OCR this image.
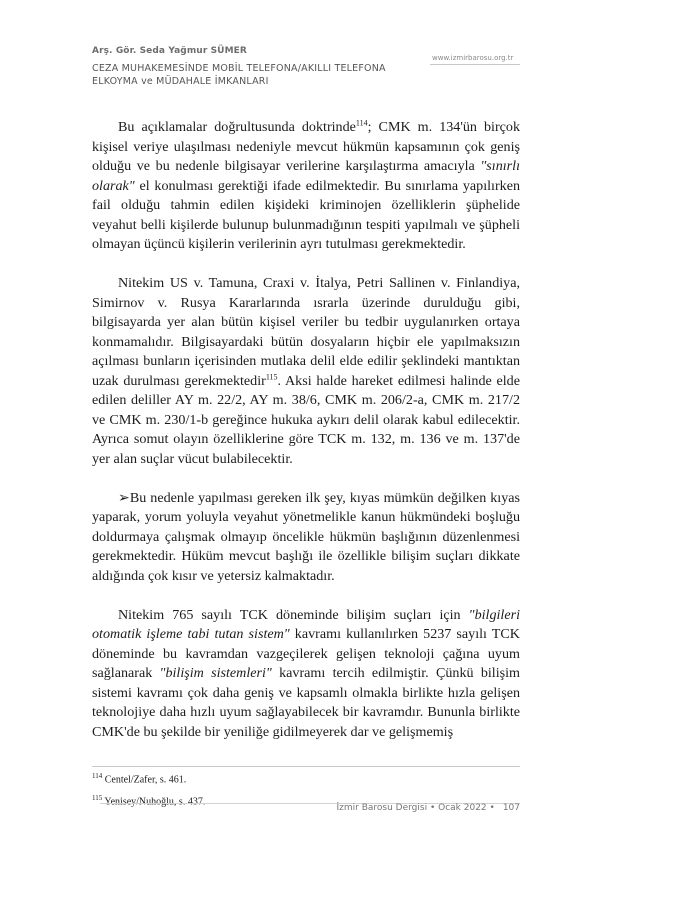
Arş. Gör. Seda Yağmur SÜMER
CEZA MUHAKEMESİNDE MOBİL TELEFONA/AKILLI TELEFONA ELKOYMA ve MÜDAHALE İMKANLARI
www.izmirbarosu.org.tr

Bu açıklamalar doğrultusunda doktrinde$^{114}$; CMK m. 134'ün birçok kişisel veriye ulaşılması nedeniyle mevcut hükmün kapsamının çok geniş olduğu ve bu nedenle bilgisayar verilerine karşılaştırma amacıyla "sınırlı olarak" el konulması gerektiği ifade edilmektedir. Bu sınırlama yapılırken fail olduğu tahmin edilen kişideki kriminojen özelliklerin şüphelide veyahut belli kişilerde bulunup bulunmadığının tespiti yapılmalı ve şüpheli olmayan üçüncü kişilerin verilerinin ayrı tutulması gerekmektedir.

Nitekim US v. Tamuna, Craxi v. İtalya, Petri Sallinen v. Finlandiya, Simirnov v. Rusya Kararlarında ısrarla üzerinde durulduğu gibi, bilgisayarda yer alan bütün kişisel veriler bu tedbir uygulanırken ortaya konmamalıdır. Bilgisayardaki bütün dosyaların hiçbir ele yapılmaksızın açılması bunların içerisinden mutlaka delil elde edilir şeklindeki mantıktan uzak durulması gerekmektedir$^{115}$. Aksi halde hareket edilmesi halinde elde edilen deliller AY m. 22/2, AY m. 38/6, CMK m. 206/2-a, CMK m. 217/2 ve CMK m. 230/1-b gereğince hukuka aykırı delil olarak kabul edilecektir. Ayrıca somut olayın özelliklerine göre TCK m. 132, m. 136 ve m. 137'de yer alan suçlar vücut bulabilecektir.

➢Bu nedenle yapılması gereken ilk şey, kıyas mümkün değilken kıyas yaparak, yorum yoluyla veyahut yönetmelikle kanun hükmündeki boşluğu doldurmaya çalışmak olmayıp öncelikle hükmün başlığının düzenlenmesi gerekmektedir. Hüküm mevcut başlığı ile özellikle bilişim suçları dikkate aldığında çok kısır ve yetersiz kalmaktadır.

Nitekim 765 sayılı TCK döneminde bilişim suçları için "bilgileri otomatik işleme tabi tutan sistem" kavramı kullanılırken 5237 sayılı TCK döneminde bu kavramdan vazgeçilerek gelişen teknoloji çağına uyum sağlanarak "bilişim sistemleri" kavramı tercih edilmiştir. Çünkü bilişim sistemi kavramı çok daha geniş ve kapsamlı olmakla birlikte hızla gelişen teknolojiye daha hızlı uyum sağlayabilecek bir kavramdır. Bununla birlikte CMK'de bu şekilde bir yeniliğe gidilmeyerek dar ve gelişmemiş

$^{114}$ Centel/Zafer, s. 461.

$^{115}$

İzmir Barosu Dergisi • Ocak 2022 • 107
